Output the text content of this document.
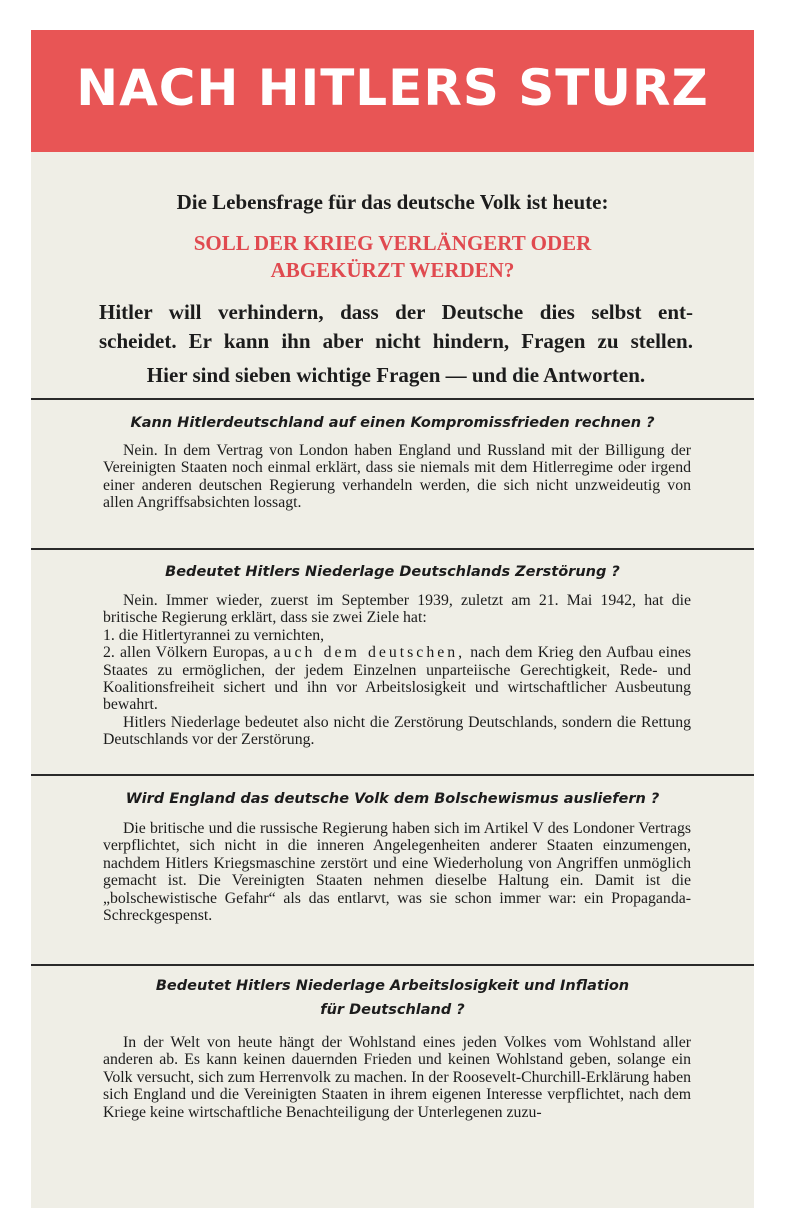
NACH HITLERS STURZ
Die Lebensfrage für das deutsche Volk ist heute:
SOLL DER KRIEG VERLÄNGERT ODER
ABGEKÜRZT WERDEN?
Hitler will verhindern, dass der Deutsche dies selbst ent-
scheidet. Er kann ihn aber nicht hindern, Fragen zu stellen.
Hier sind sieben wichtige Fragen — und die Antworten.
Kann Hitlerdeutschland auf einen Kompromissfrieden rechnen ?
Nein. In dem Vertrag von London haben England und Russland mit der Billigung der Vereinigten Staaten noch einmal erklärt, dass sie niemals mit dem Hitlerregime oder irgend einer anderen deutschen Regierung verhandeln werden, die sich nicht unzweideutig von allen Angriffsabsichten lossagt.
Bedeutet Hitlers Niederlage Deutschlands Zerstörung ?
Nein. Immer wieder, zuerst im September 1939, zuletzt am 21. Mai 1942, hat die britische Regierung erklärt, dass sie zwei Ziele hat:
1. die Hitlertyrannei zu vernichten,
2. allen Völkern Europas, auch dem deutschen, nach dem Krieg den Aufbau eines Staates zu ermöglichen, der jedem Einzelnen unparteiische Gerechtigkeit, Rede- und Koalitionsfreiheit sichert und ihn vor Arbeitslosigkeit und wirtschaftlicher Ausbeutung bewahrt.
Hitlers Niederlage bedeutet also nicht die Zerstörung Deutschlands, sondern die Rettung Deutschlands vor der Zerstörung.
Wird England das deutsche Volk dem Bolschewismus ausliefern ?
Die britische und die russische Regierung haben sich im Artikel V des Londoner Vertrags verpflichtet, sich nicht in die inneren Angelegenheiten anderer Staaten einzumengen, nachdem Hitlers Kriegsmaschine zerstört und eine Wiederholung von Angriffen unmöglich gemacht ist. Die Vereinigten Staaten nehmen dieselbe Haltung ein. Damit ist die „bolschewistische Gefahr“ als das entlarvt, was sie schon immer war: ein Propaganda-Schreckgespenst.
Bedeutet Hitlers Niederlage Arbeitslosigkeit und Inflation
für Deutschland ?
In der Welt von heute hängt der Wohlstand eines jeden Volkes vom Wohlstand aller anderen ab. Es kann keinen dauernden Frieden und keinen Wohlstand geben, solange ein Volk versucht, sich zum Herrenvolk zu machen. In der Roosevelt-Churchill-Erklärung haben sich England und die Vereinigten Staaten in ihrem eigenen Interesse verpflichtet, nach dem Kriege keine wirtschaftliche Benachteiligung der Unterlegenen zuzu-
